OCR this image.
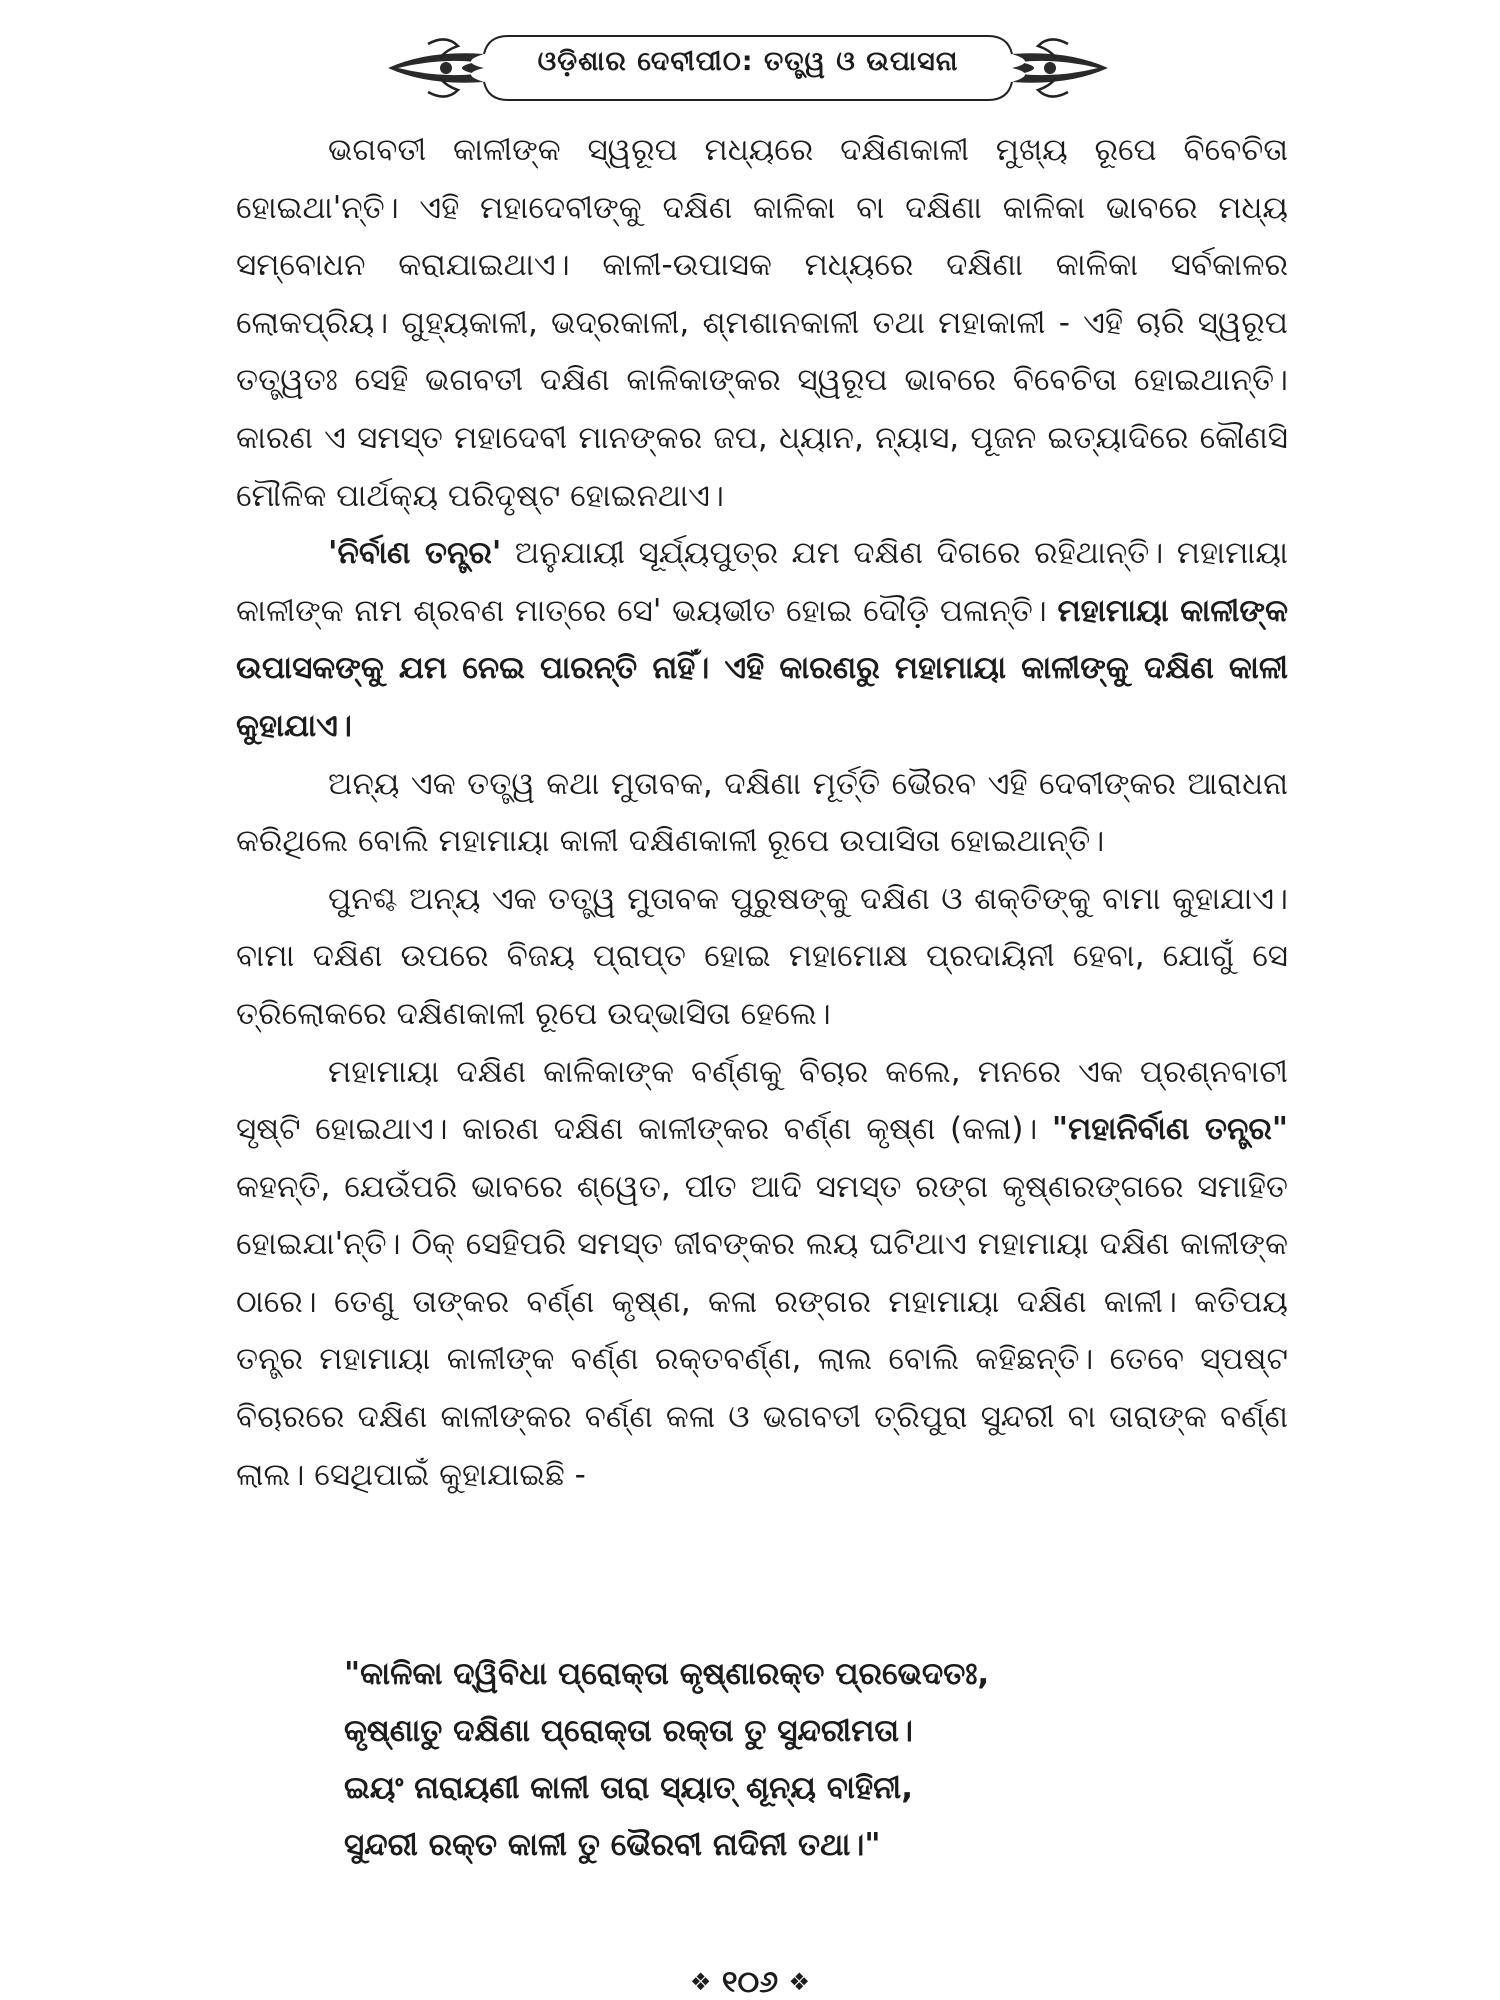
ଓଡ଼ିଶାର ଦେବୀପୀଠ: ତତ୍ତ୍ୱ ଓ ଉପାସନା

ଭଗବତୀ କାଳୀଙ୍କ ସ୍ୱରୂପ ମଧ୍ୟରେ ଦକ୍ଷିଣକାଳୀ ମୁଖ୍ୟ ରୂପେ ବିବେଚିତା ହୋଇଥା'ନ୍ତି। ଏହି ମହାଦେବୀଙ୍କୁ ଦକ୍ଷିଣ କାଳିକା ବା ଦକ୍ଷିଣା କାଳିକା ଭାବରେ ମଧ୍ୟ ସମ୍ବୋଧନ କରାଯାଇଥାଏ। କାଳୀ-ଉପାସକ ମଧ୍ୟରେ ଦକ୍ଷିଣା କାଳିକା ସର୍ବକାଳର ଲୋକପ୍ରିୟ। ଗୁହ୍ୟକାଳୀ, ଭଦ୍ରକାଳୀ, ଶ୍ମଶାନକାଳୀ ତଥା ମହାକାଳୀ - ଏହି ଚାରି ସ୍ୱରୂପ ତତ୍ତ୍ୱତଃ ସେହି ଭଗବତୀ ଦକ୍ଷିଣ କାଳିକାଙ୍କର ସ୍ୱରୂପ ଭାବରେ ବିବେଚିତା ହୋଇଥାନ୍ତି। କାରଣ ଏ ସମସ୍ତ ମହାଦେବୀ ମାନଙ୍କର ଜପ, ଧ୍ୟାନ, ନ୍ୟାସ, ପୂଜନ ଇତ୍ୟାଦିରେ କୌଣସି ମୌଳିକ ପାର୍ଥକ୍ୟ ପରିଦୃଷ୍ଟ ହୋଇନଥାଏ।

'ନିର୍ବାଣ ତନ୍ତ୍ର' ଅନୁଯାୟୀ ସୂର୍ଯ୍ୟପୁତ୍ର ଯମ ଦକ୍ଷିଣ ଦିଗରେ ରହିଥାନ୍ତି। ମହାମାୟା କାଳୀଙ୍କ ନାମ ଶ୍ରବଣ ମାତ୍ରେ ସେ' ଭୟଭୀତ ହୋଇ ଦୌଡ଼ି ପଳାନ୍ତି। ମହାମାୟା କାଳୀଙ୍କ ଉପାସକଙ୍କୁ ଯମ ନେଇ ପାରନ୍ତି ନାହିଁ। ଏହି କାରଣରୁ ମହାମାୟା କାଳୀଙ୍କୁ ଦକ୍ଷିଣ କାଳୀ କୁହାଯାଏ।

ଅନ୍ୟ ଏକ ତତ୍ତ୍ୱ କଥା ମୁତାବକ, ଦକ୍ଷିଣା ମୂର୍ତ୍ତି ଭୈରବ ଏହି ଦେବୀଙ୍କର ଆରାଧନା କରିଥିଲେ ବୋଲି ମହାମାୟା କାଳୀ ଦକ୍ଷିଣକାଳୀ ରୂପେ ଉପାସିତା ହୋଇଥାନ୍ତି।

ପୁନଶ୍ଚ ଅନ୍ୟ ଏକ ତତ୍ତ୍ୱ ମୁତାବକ ପୁରୁଷଙ୍କୁ ଦକ୍ଷିଣ ଓ ଶକ୍ତିଙ୍କୁ ବାମା କୁହାଯାଏ। ବାମା ଦକ୍ଷିଣ ଉପରେ ବିଜୟ ପ୍ରାପ୍ତ ହୋଇ ମହାମୋକ୍ଷ ପ୍ରଦାୟିନୀ ହେବା, ଯୋଗୁଁ ସେ ତ୍ରିଲୋକରେ ଦକ୍ଷିଣକାଳୀ ରୂପେ ଉଦ୍ଭାସିତା ହେଲେ।

ମହାମାୟା ଦକ୍ଷିଣ କାଳିକାଙ୍କ ବର୍ଣ୍ଣକୁ ବିଚାର କଲେ, ମନରେ ଏକ ପ୍ରଶ୍ନବାଚୀ ସୃଷ୍ଟି ହୋଇଥାଏ। କାରଣ ଦକ୍ଷିଣ କାଳୀଙ୍କର ବର୍ଣ୍ଣ କୃଷ୍ଣ (କଳା)। "ମହାନିର୍ବାଣ ତନ୍ତ୍ର" କହନ୍ତି, ଯେଉଁପରି ଭାବରେ ଶ୍ୱେତ, ପୀତ ଆଦି ସମସ୍ତ ରଙ୍ଗ କୃଷ୍ଣରଙ୍ଗରେ ସମାହିତ ହୋଇଯା'ନ୍ତି। ଠିକ୍ ସେହିପରି ସମସ୍ତ ଜୀବଙ୍କର ଲୟ ଘଟିଥାଏ ମହାମାୟା ଦକ୍ଷିଣ କାଳୀଙ୍କ ଠାରେ। ତେଣୁ ତାଙ୍କର ବର୍ଣ୍ଣ କୃଷ୍ଣ, କଳା ରଙ୍ଗର ମହାମାୟା ଦକ୍ଷିଣ କାଳୀ। କତିପୟ ତନ୍ତ୍ର ମହାମାୟା କାଳୀଙ୍କ ବର୍ଣ୍ଣ ରକ୍ତବର୍ଣ୍ଣ, ଲାଲ ବୋଲି କହିଛନ୍ତି। ତେବେ ସ୍ପଷ୍ଟ ବିଚାରରେ ଦକ୍ଷିଣ କାଳୀଙ୍କର ବର୍ଣ୍ଣ କଳା ଓ ଭଗବତୀ ତ୍ରିପୁରା ସୁନ୍ଦରୀ ବା ତାରାଙ୍କ ବର୍ଣ୍ଣ ଲାଲ। ସେଥିପାଇଁ କୁହାଯାଇଛି -

"କାଳିକା ଦ୍ୱିବିଧା ପ୍ରୋକ୍ତା କୃଷ୍ଣାରକ୍ତ ପ୍ରଭେଦତଃ,
କୃଷ୍ଣାତୁ ଦକ୍ଷିଣା ପ୍ରୋକ୍ତା ରକ୍ତା ତୁ ସୁନ୍ଦରୀମତା।
ଇୟଂ ନାରାୟଣୀ କାଳୀ ତାରା ସ୍ୟାତ୍ ଶୂନ୍ୟ ବାହିନୀ,
ସୁନ୍ଦରୀ ରକ୍ତ କାଳୀ ତୁ ଭୈରବୀ ନାଦିନୀ ତଥା।"
❖ ୧୦୬ ❖
